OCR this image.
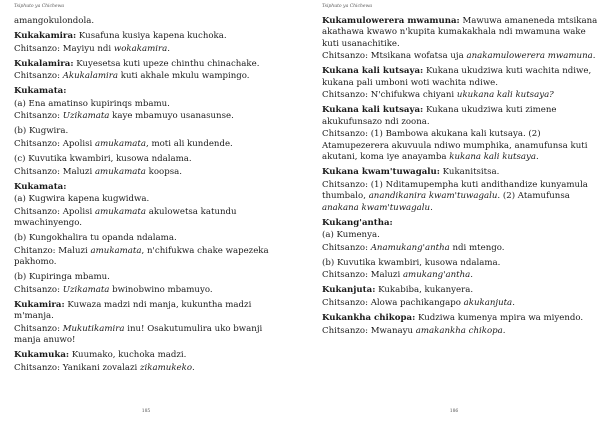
Tsiphuto ya Chichewa

amangokulondola.

Kukakamira: Kusafuna kusiya kapena kuchoka.

Chitsanzo: Mayiyu ndi wokakamira.

Kukalamira: Kuyesetsa kuti upeze chinthu chinachake.

Chitsanzo: Akukalamira kuti akhale mkulu wampingo.

Kukamata:

(a) Ena amatinso kupirinqs mbamu.

Chitsanzo: Uzikamata kaye mbamuyo usanasunse.

(b) Kugwira.

Chitsanzo: Apolisi amukamata, moti ali kundende.

(c) Kuvutika kwambiri, kusowa ndalama.

Chitsanzo: Maluzi amukamata koopsa.

Kukamata:

(a) Kugwira kapena kugwidwa.

Chitsanzo: Apolisi amukamata akulowetsa katundu mwachinyengo.

(b) Kungokhalira tu opanda ndalama.

Chitanzo: Maluzi amukamata, n'chifukwa chake wapezeka pakhomo.

(b) Kupiringa mbamu.

Chitsanzo: Uzikamata bwinobwino mbamuyo.

Kukamira: Kuwaza madzi ndi manja, kukuntha madzi m'manja.

Chitsanzo: Mukutikamira inu! Osakutumulira uko bwanji manja anuwo!

Kukamuka: Kuumako, kuchoka madzi.

Chitsanzo: Yanikani zovalazi zikamukeko.

185
Tsiphuto ya Chichewa

Kukamulowerera mwamuna: Mawuwa amaneneda mtsikana akathawa kwawo n'kupita kumakakhala ndi mwamuna wake kuti usanachitike.

Chitsanzo: Mtsikana wofatsa uja anakamulowerera mwamuna.

Kukana kali kutsaya: Kukana ukudziwa kuti wachita ndiwe, kukana pali umboni woti wachita ndiwe.

Chitsanzo: N'chifukwa chiyani ukukana kali kutsaya?

Kukana kali kutsaya: Kukana ukudziwa kuti zimene akukufunsazo ndi zoona.

Chitsanzo: (1) Bambowa akukana kali kutsaya. (2) Atamupezerera akuvuula ndiwo mumphika, anamufunsa kuti akutani, koma iye anayamba kukana kali kutsaya.

Kukana kwam'tuwagalu: Kukanitsitsa.

Chitsanzo: (1) Nditamupempha kuti andithandize kunyamula thumbalo, anandikanira kwam'tuwagalu. (2) Atamufunsa anakana kwam'tuwagalu.

Kukang'antha:

(a) Kumenya.

Chitsanzo: Anamukang'antha ndi mtengo.

(b) Kuvutika kwambiri, kusowa ndalama.

Chitsanzo: Maluzi amukang'antha.

Kukanjuta: Kukabiba, kukanyera.

Chitsanzo: Alowa pachikangapo akukanjuta.

Kukankha chikopa: Kudziwa kumenya mpira wa miyendo.

Chitsanzo: Mwanayu amakankha chikopa.

186
